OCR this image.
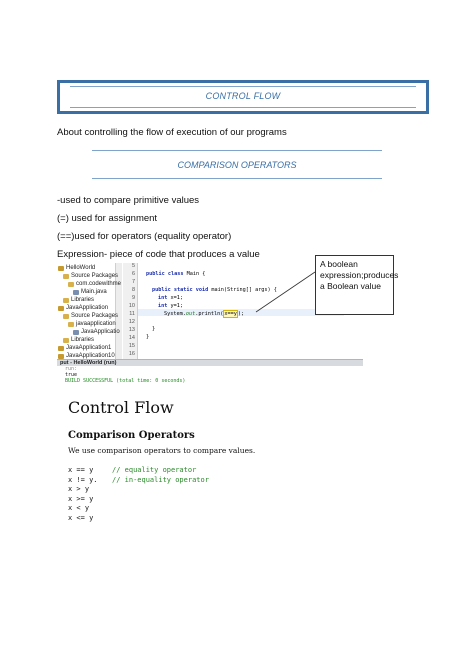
CONTROL FLOW
About controlling the flow of execution of our programs
COMPARISON OPERATORS
-used to compare primitive values
(=) used for assignment
(==)used for operators (equality operator)
Expression- piece of code that produces a value
HelloWorld
Source Packages
com.codewithme
Main.java
Libraries
JavaApplication
Source Packages
javaapplication
JavaApplicatio
Libraries
JavaApplication1
JavaApplication10
5
6
7
8
9
10
11
12
13
14
15
16
public class Main {
public static void main(String[] args) {
int x=1;
int y=1;
System.out.println(x==y);
}
}
put - HelloWorld (run)
run:
true
BUILD SUCCESSFUL (total time: 0 seconds)
A boolean expression;produces a Boolean value
Control Flow
Comparison Operators
We use comparison operators to compare values.
x == y	// equality operator
x != y.	// in-equality operator
x > y
x >= y
x < y
x <= y
